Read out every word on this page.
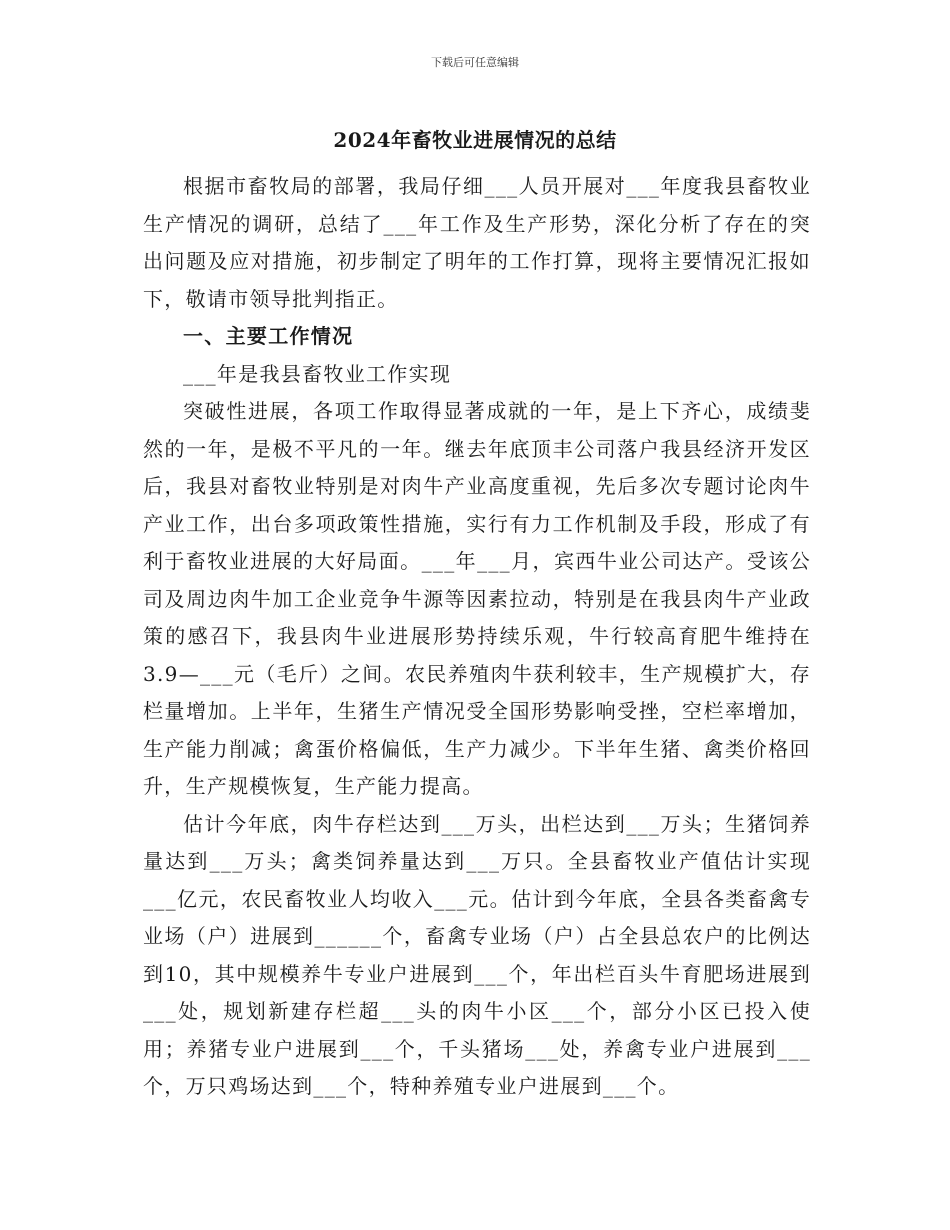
下载后可任意编辑
2024年畜牧业进展情况的总结

根据市畜牧局的部署，我局仔细___人员开展对___年度我县畜牧业生产情况的调研，总结了___年工作及生产形势，深化分析了存在的突出问题及应对措施，初步制定了明年的工作打算，现将主要情况汇报如下，敬请市领导批判指正。

一、主要工作情况

___年是我县畜牧业工作实现

突破性进展，各项工作取得显著成就的一年，是上下齐心，成绩斐然的一年，是极不平凡的一年。继去年底顶丰公司落户我县经济开发区后，我县对畜牧业特别是对肉牛产业高度重视，先后多次专题讨论肉牛产业工作，出台多项政策性措施，实行有力工作机制及手段，形成了有利于畜牧业进展的大好局面。___年___月，宾西牛业公司达产。受该公司及周边肉牛加工企业竞争牛源等因素拉动，特别是在我县肉牛产业政策的感召下，我县肉牛业进展形势持续乐观，牛行较高育肥牛维持在3.9—___元（毛斤）之间。农民养殖肉牛获利较丰，生产规模扩大，存栏量增加。上半年，生猪生产情况受全国形势影响受挫，空栏率增加，生产能力削减；禽蛋价格偏低，生产力减少。下半年生猪、禽类价格回升，生产规模恢复，生产能力提高。

估计今年底，肉牛存栏达到___万头，出栏达到___万头；生猪饲养量达到___万头；禽类饲养量达到___万只。全县畜牧业产值估计实现___亿元，农民畜牧业人均收入___元。估计到今年底，全县各类畜禽专业场（户）进展到______个，畜禽专业场（户）占全县总农户的比例达到10，其中规模养牛专业户进展到___个，年出栏百头牛育肥场进展到___处，规划新建存栏超___头的肉牛小区___个，部分小区已投入使用；养猪专业户进展到___个，千头猪场___处，养禽专业户进展到___个，万只鸡场达到___个，特种养殖专业户进展到___个。
